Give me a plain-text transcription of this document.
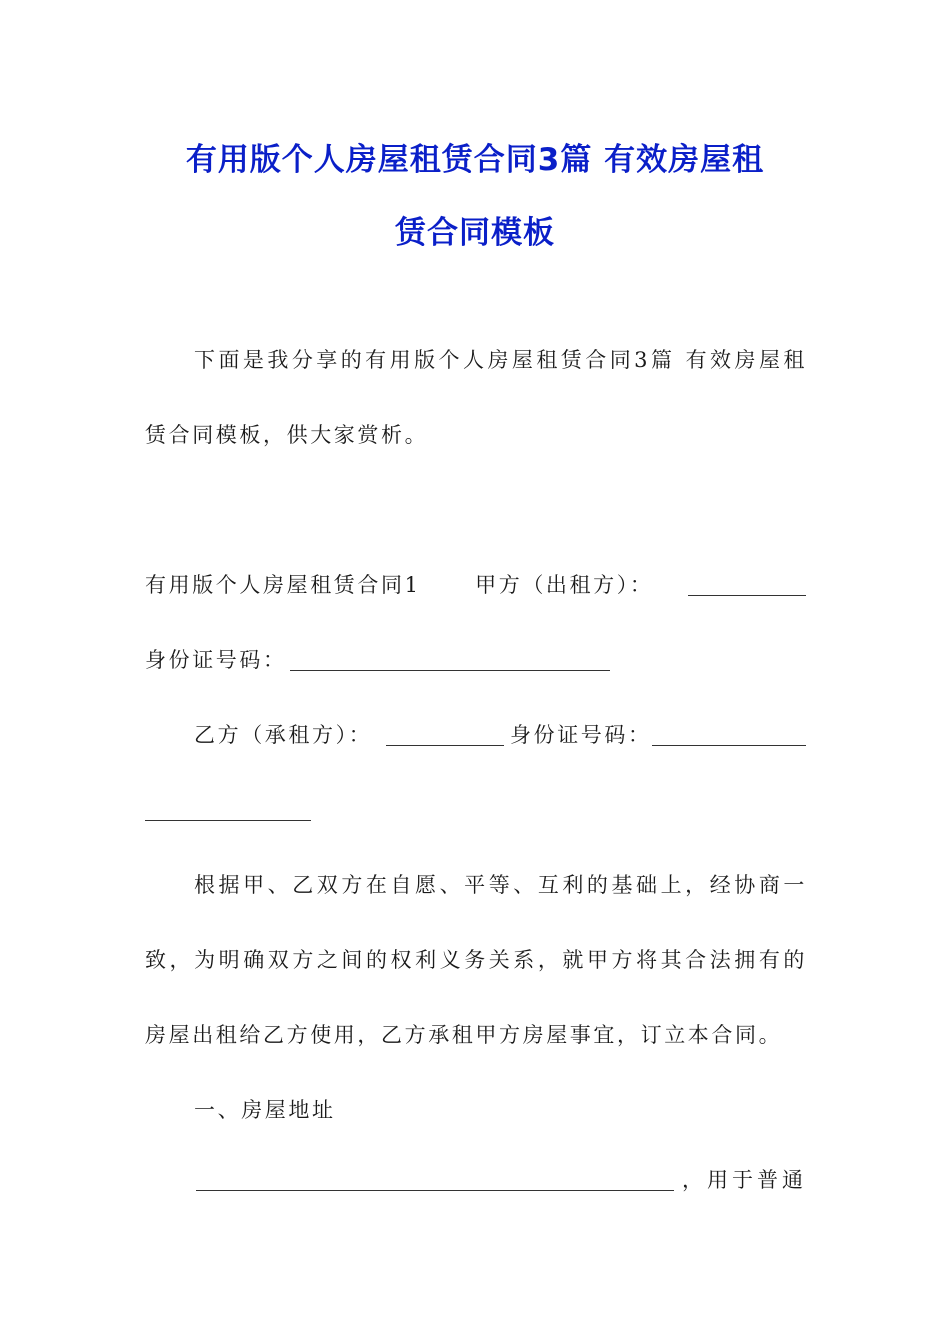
有用版个人房屋租赁合同3篇 有效房屋租
赁合同模板
下面是我分享的有用版个人房屋租赁合同3篇 有效房屋租
赁合同模板，供大家赏析。
有用版个人房屋租赁合同1	甲方（出租方）：
身份证号码：
乙方（承租方）：	身份证号码：
根据甲、乙双方在自愿、平等、互利的基础上，经协商一
致，为明确双方之间的权利义务关系，就甲方将其合法拥有的
房屋出租给乙方使用，乙方承租甲方房屋事宜，订立本合同。
一、房屋地址
，用于普通
